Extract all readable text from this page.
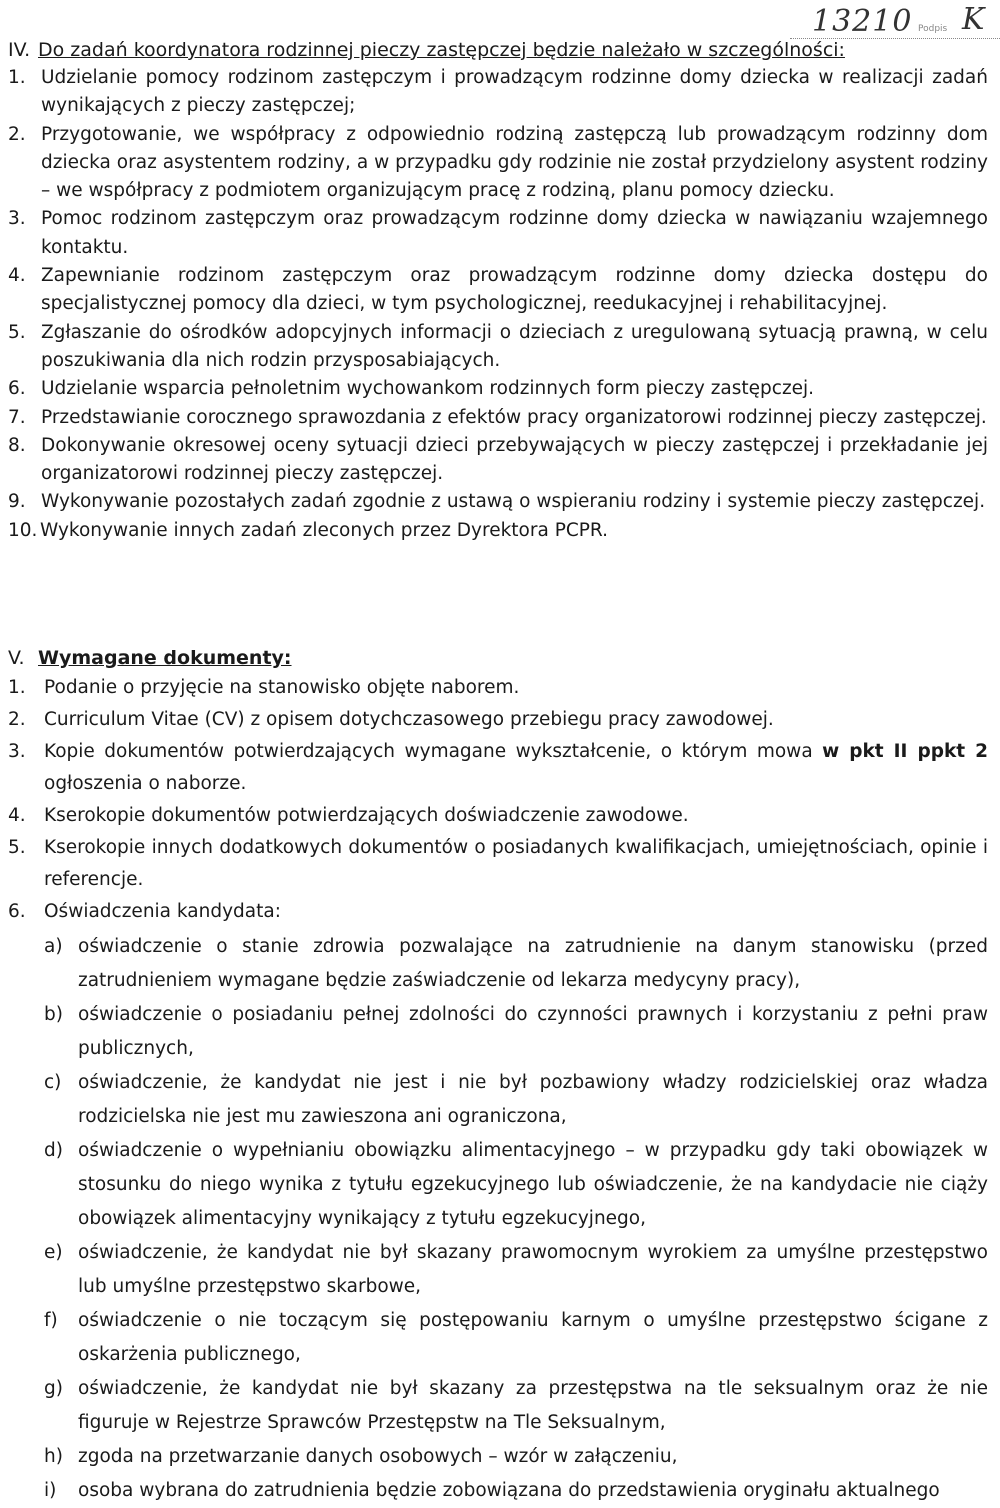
13210 Podpis K

IV. Do zadań koordynatora rodzinnej pieczy zastępczej będzie należało w szczególności:

1. Udzielanie pomocy rodzinom zastępczym i prowadzącym rodzinne domy dziecka w realizacji zadań wynikających z pieczy zastępczej;
2. Przygotowanie, we współpracy z odpowiednio rodziną zastępczą lub prowadzącym rodzinny dom dziecka oraz asystentem rodziny, a w przypadku gdy rodzinie nie został przydzielony asystent rodziny – we współpracy z podmiotem organizującym pracę z rodziną, planu pomocy dziecku.
3. Pomoc rodzinom zastępczym oraz prowadzącym rodzinne domy dziecka w nawiązaniu wzajemnego kontaktu.
4. Zapewnianie rodzinom zastępczym oraz prowadzącym rodzinne domy dziecka dostępu do specjalistycznej pomocy dla dzieci, w tym psychologicznej, reedukacyjnej i rehabilitacyjnej.
5. Zgłaszanie do ośrodków adopcyjnych informacji o dzieciach z uregulowaną sytuacją prawną, w celu poszukiwania dla nich rodzin przysposabiających.
6. Udzielanie wsparcia pełnoletnim wychowankom rodzinnych form pieczy zastępczej.
7. Przedstawianie corocznego sprawozdania z efektów pracy organizatorowi rodzinnej pieczy zastępczej.
8. Dokonywanie okresowej oceny sytuacji dzieci przebywających w pieczy zastępczej i przekładanie jej organizatorowi rodzinnej pieczy zastępczej.
9. Wykonywanie pozostałych zadań zgodnie z ustawą o wspieraniu rodziny i systemie pieczy zastępczej.
10. Wykonywanie innych zadań zleconych przez Dyrektora PCPR.

V. Wymagane dokumenty:

1. Podanie o przyjęcie na stanowisko objęte naborem.
2. Curriculum Vitae (CV) z opisem dotychczasowego przebiegu pracy zawodowej.
3. Kopie dokumentów potwierdzających wymagane wykształcenie, o którym mowa w pkt II ppkt 2 ogłoszenia o naborze.
4. Kserokopie dokumentów potwierdzających doświadczenie zawodowe.
5. Kserokopie innych dodatkowych dokumentów o posiadanych kwalifikacjach, umiejętnościach, opinie i referencje.
6. Oświadczenia kandydata:
a) oświadczenie o stanie zdrowia pozwalające na zatrudnienie na danym stanowisku (przed zatrudnieniem wymagane będzie zaświadczenie od lekarza medycyny pracy),
b) oświadczenie o posiadaniu pełnej zdolności do czynności prawnych i korzystaniu z pełni praw publicznych,
c) oświadczenie, że kandydat nie jest i nie był pozbawiony władzy rodzicielskiej oraz władza rodzicielska nie jest mu zawieszona ani ograniczona,
d) oświadczenie o wypełnianiu obowiązku alimentacyjnego – w przypadku gdy taki obowiązek w stosunku do niego wynika z tytułu egzekucyjnego lub oświadczenie, że na kandydacie nie ciąży obowiązek alimentacyjny wynikający z tytułu egzekucyjnego,
e) oświadczenie, że kandydat nie był skazany prawomocnym wyrokiem za umyślne przestępstwo lub umyślne przestępstwo skarbowe,
f) oświadczenie o nie toczącym się postępowaniu karnym o umyślne przestępstwo ścigane z oskarżenia publicznego,
g) oświadczenie, że kandydat nie był skazany za przestępstwa na tle seksualnym oraz że nie figuruje w Rejestrze Sprawców Przestępstw na Tle Seksualnym,
h) zgoda na przetwarzanie danych osobowych – wzór w załączeniu,
i) osoba wybrana do zatrudnienia będzie zobowiązana do przedstawienia oryginału aktualnego
